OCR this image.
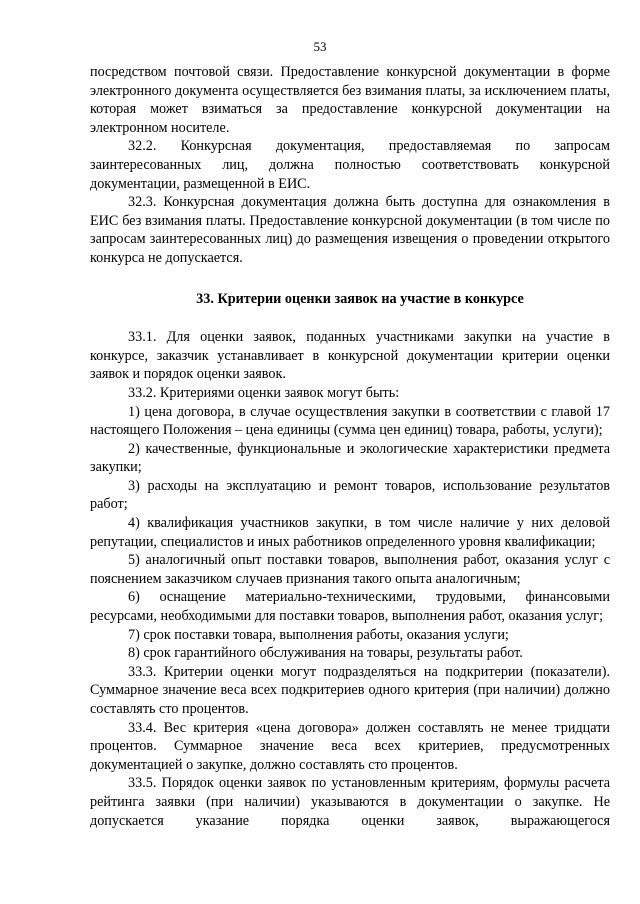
53

посредством почтовой связи. Предоставление конкурсной документации в форме электронного документа осуществляется без взимания платы, за исключением платы, которая может взиматься за предоставление конкурсной документации на электронном носителе.

32.2. Конкурсная документация, предоставляемая по запросам заинтересованных лиц, должна полностью соответствовать конкурсной документации, размещенной в ЕИС.

32.3. Конкурсная документация должна быть доступна для ознакомления в ЕИС без взимания платы. Предоставление конкурсной документации (в том числе по запросам заинтересованных лиц) до размещения извещения о проведении открытого конкурса не допускается.

33. Критерии оценки заявок на участие в конкурсе

33.1. Для оценки заявок, поданных участниками закупки на участие в конкурсе, заказчик устанавливает в конкурсной документации критерии оценки заявок и порядок оценки заявок.

33.2. Критериями оценки заявок могут быть:

1) цена договора, в случае осуществления закупки в соответствии с главой 17 настоящего Положения – цена единицы (сумма цен единиц) товара, работы, услуги);

2) качественные, функциональные и экологические характеристики предмета закупки;

3) расходы на эксплуатацию и ремонт товаров, использование результатов работ;

4) квалификация участников закупки, в том числе наличие у них деловой репутации, специалистов и иных работников определенного уровня квалификации;

5) аналогичный опыт поставки товаров, выполнения работ, оказания услуг с пояснением заказчиком случаев признания такого опыта аналогичным;

6) оснащение материально-техническими, трудовыми, финансовыми ресурсами, необходимыми для поставки товаров, выполнения работ, оказания услуг;

7) срок поставки товара, выполнения работы, оказания услуги;

8) срок гарантийного обслуживания на товары, результаты работ.

33.3. Критерии оценки могут подразделяться на подкритерии (показатели). Суммарное значение веса всех подкритериев одного критерия (при наличии) должно составлять сто процентов.

33.4. Вес критерия «цена договора» должен составлять не менее тридцати процентов. Суммарное значение веса всех критериев, предусмотренных документацией о закупке, должно составлять сто процентов.

33.5. Порядок оценки заявок по установленным критериям, формулы расчета рейтинга заявки (при наличии) указываются в документации о закупке. Не допускается указание порядка оценки заявок, выражающегося
